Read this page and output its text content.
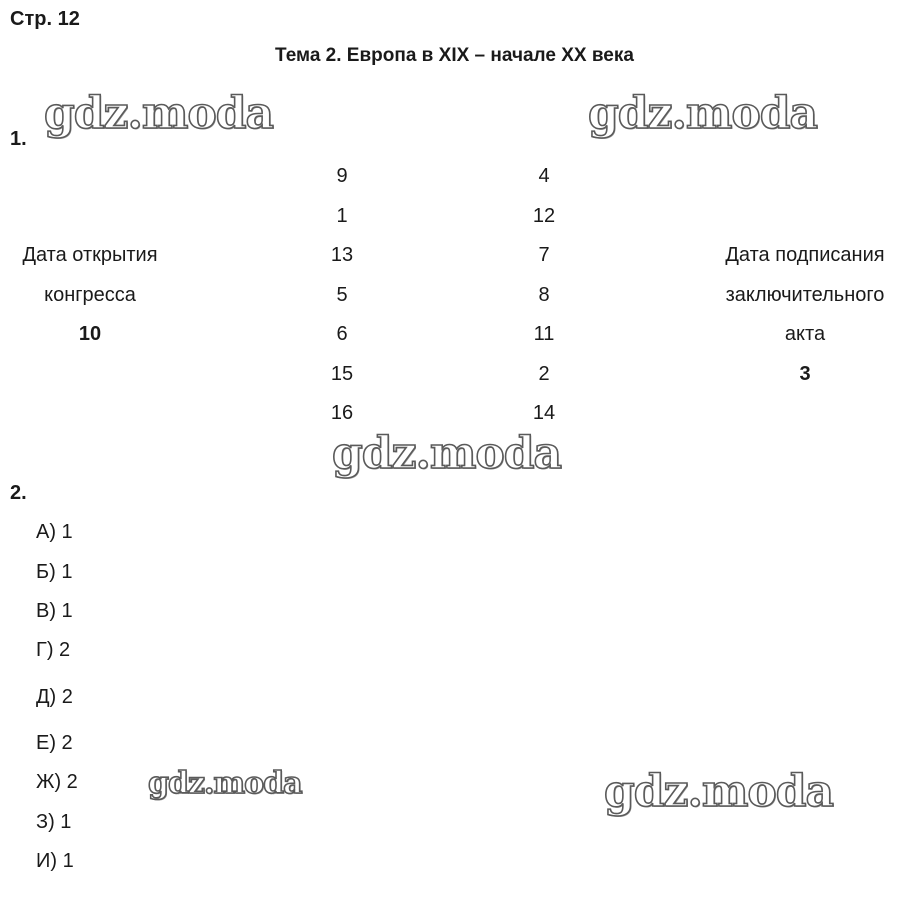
Стр. 12
Тема 2. Европа в XIX – начале XX века
gdz.moda	gdz.moda
gdz.moda
gdz.moda	gdz.moda
1.
9
1
13
5
6
15
16
4
12
7
8
11
2
14
Дата открытия
конгресса
10
Дата подписания
заключительного
акта
3
2.
А) 1
Б) 1
В) 1
Г) 2
Д) 2
Е) 2
Ж) 2
З) 1
И) 1
